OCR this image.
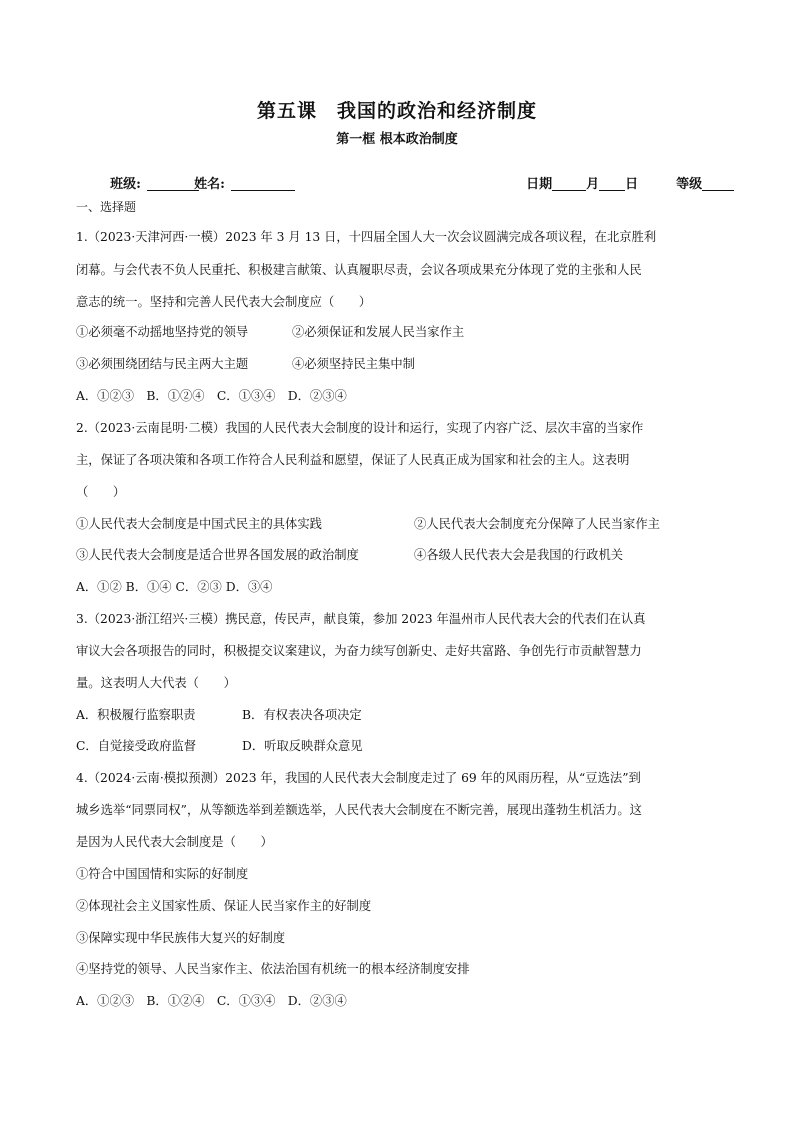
第五课　我国的政治和经济制度
第一框 根本政治制度

班级:
	姓名:
	日期	月 日
	等级

一、选择题
1.（2023·天津河西·一模）2023 年 3 月 13 日，十四届全国人大一次会议圆满完成各项议程，在北京胜利
闭幕。与会代表不负人民重托、积极建言献策、认真履职尽责，会议各项成果充分体现了党的主张和人民
意志的统一。坚持和完善人民代表大会制度应（　　）
①必须毫不动摇地坚持党的领导	②必须保证和发展人民当家作主
③必须围绕团结与民主两大主题	④必须坚持民主集中制
A．①②③　B．①②④　C．①③④　D．②③④
2.（2023·云南昆明·二模）我国的人民代表大会制度的设计和运行，实现了内容广泛、层次丰富的当家作
主，保证了各项决策和各项工作符合人民利益和愿望，保证了人民真正成为国家和社会的主人。这表明
（　　）
①人民代表大会制度是中国式民主的具体实践	②人民代表大会制度充分保障了人民当家作主
③人民代表大会制度是适合世界各国发展的政治制度	④各级人民代表大会是我国的行政机关
A．①② B．①④ C．②③ D．③④
3.（2023·浙江绍兴·三模）携民意，传民声，献良策，参加 2023 年温州市人民代表大会的代表们在认真
审议大会各项报告的同时，积极提交议案建议，为奋力续写创新史、走好共富路、争创先行市贡献智慧力
量。这表明人大代表（　　）
A．积极履行监察职责	B．有权表决各项决定
C．自觉接受政府监督	D．听取反映群众意见
4.（2024·云南·模拟预测）2023 年，我国的人民代表大会制度走过了 69 年的风雨历程，从“豆选法”到
城乡选举“同票同权”，从等额选举到差额选举，人民代表大会制度在不断完善，展现出蓬勃生机活力。这
是因为人民代表大会制度是（　　）
①符合中国国情和实际的好制度
②体现社会主义国家性质、保证人民当家作主的好制度
③保障实现中华民族伟大复兴的好制度
④坚持党的领导、人民当家作主、依法治国有机统一的根本经济制度安排
A．①②③　B．①②④　C．①③④　D．②③④
